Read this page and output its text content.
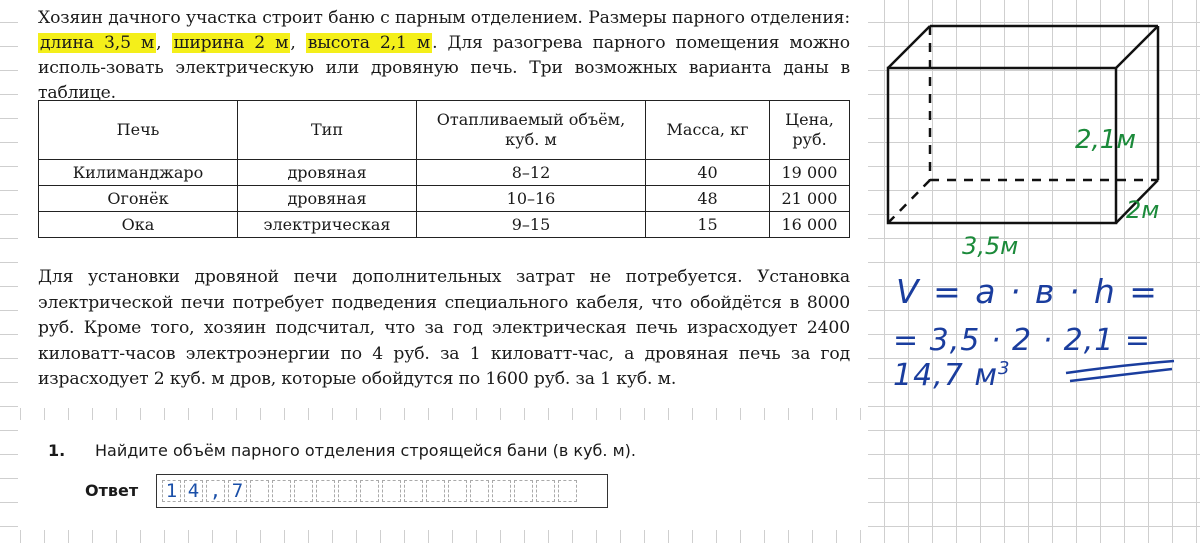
Хозяин дачного участка строит баню с парным отделением. Размеры парного отделения: длина 3,5 м , ширина 2 м , высота 2,1 м . Для разогрева парного помещения можно исполь-зовать электрическую или дровяную печь. Три возможных варианта даны в таблице.
Печь	Тип	Отапливаемый объём, куб. м	Масса, кг	Цена, руб.
Килиманджаро	дровяная	8–12	40	19 000
Огонёк	дровяная	10–16	48	21 000
Ока	электрическая	9–15	15	16 000
Для установки дровяной печи дополнительных затрат не потребуется. Установка электрической печи потребует подведения специального кабеля, что обойдётся в 8000 руб. Кроме того, хозяин подсчитал, что за год электрическая печь израсходует 2400 киловатт-часов электроэнергии по 4 руб. за 1 киловатт-час, а дровяная печь за год израсходует 2 куб. м дров, которые обойдутся по 1600 руб. за 1 куб. м.
1. Найдите объём парного отделения строящейся бани (в куб. м).
Ответ 1 4 , 7
2,1м
2м
3,5м
V = a · в · h =
= 3,5 · 2 · 2,1 = 14,7 $м^3$
